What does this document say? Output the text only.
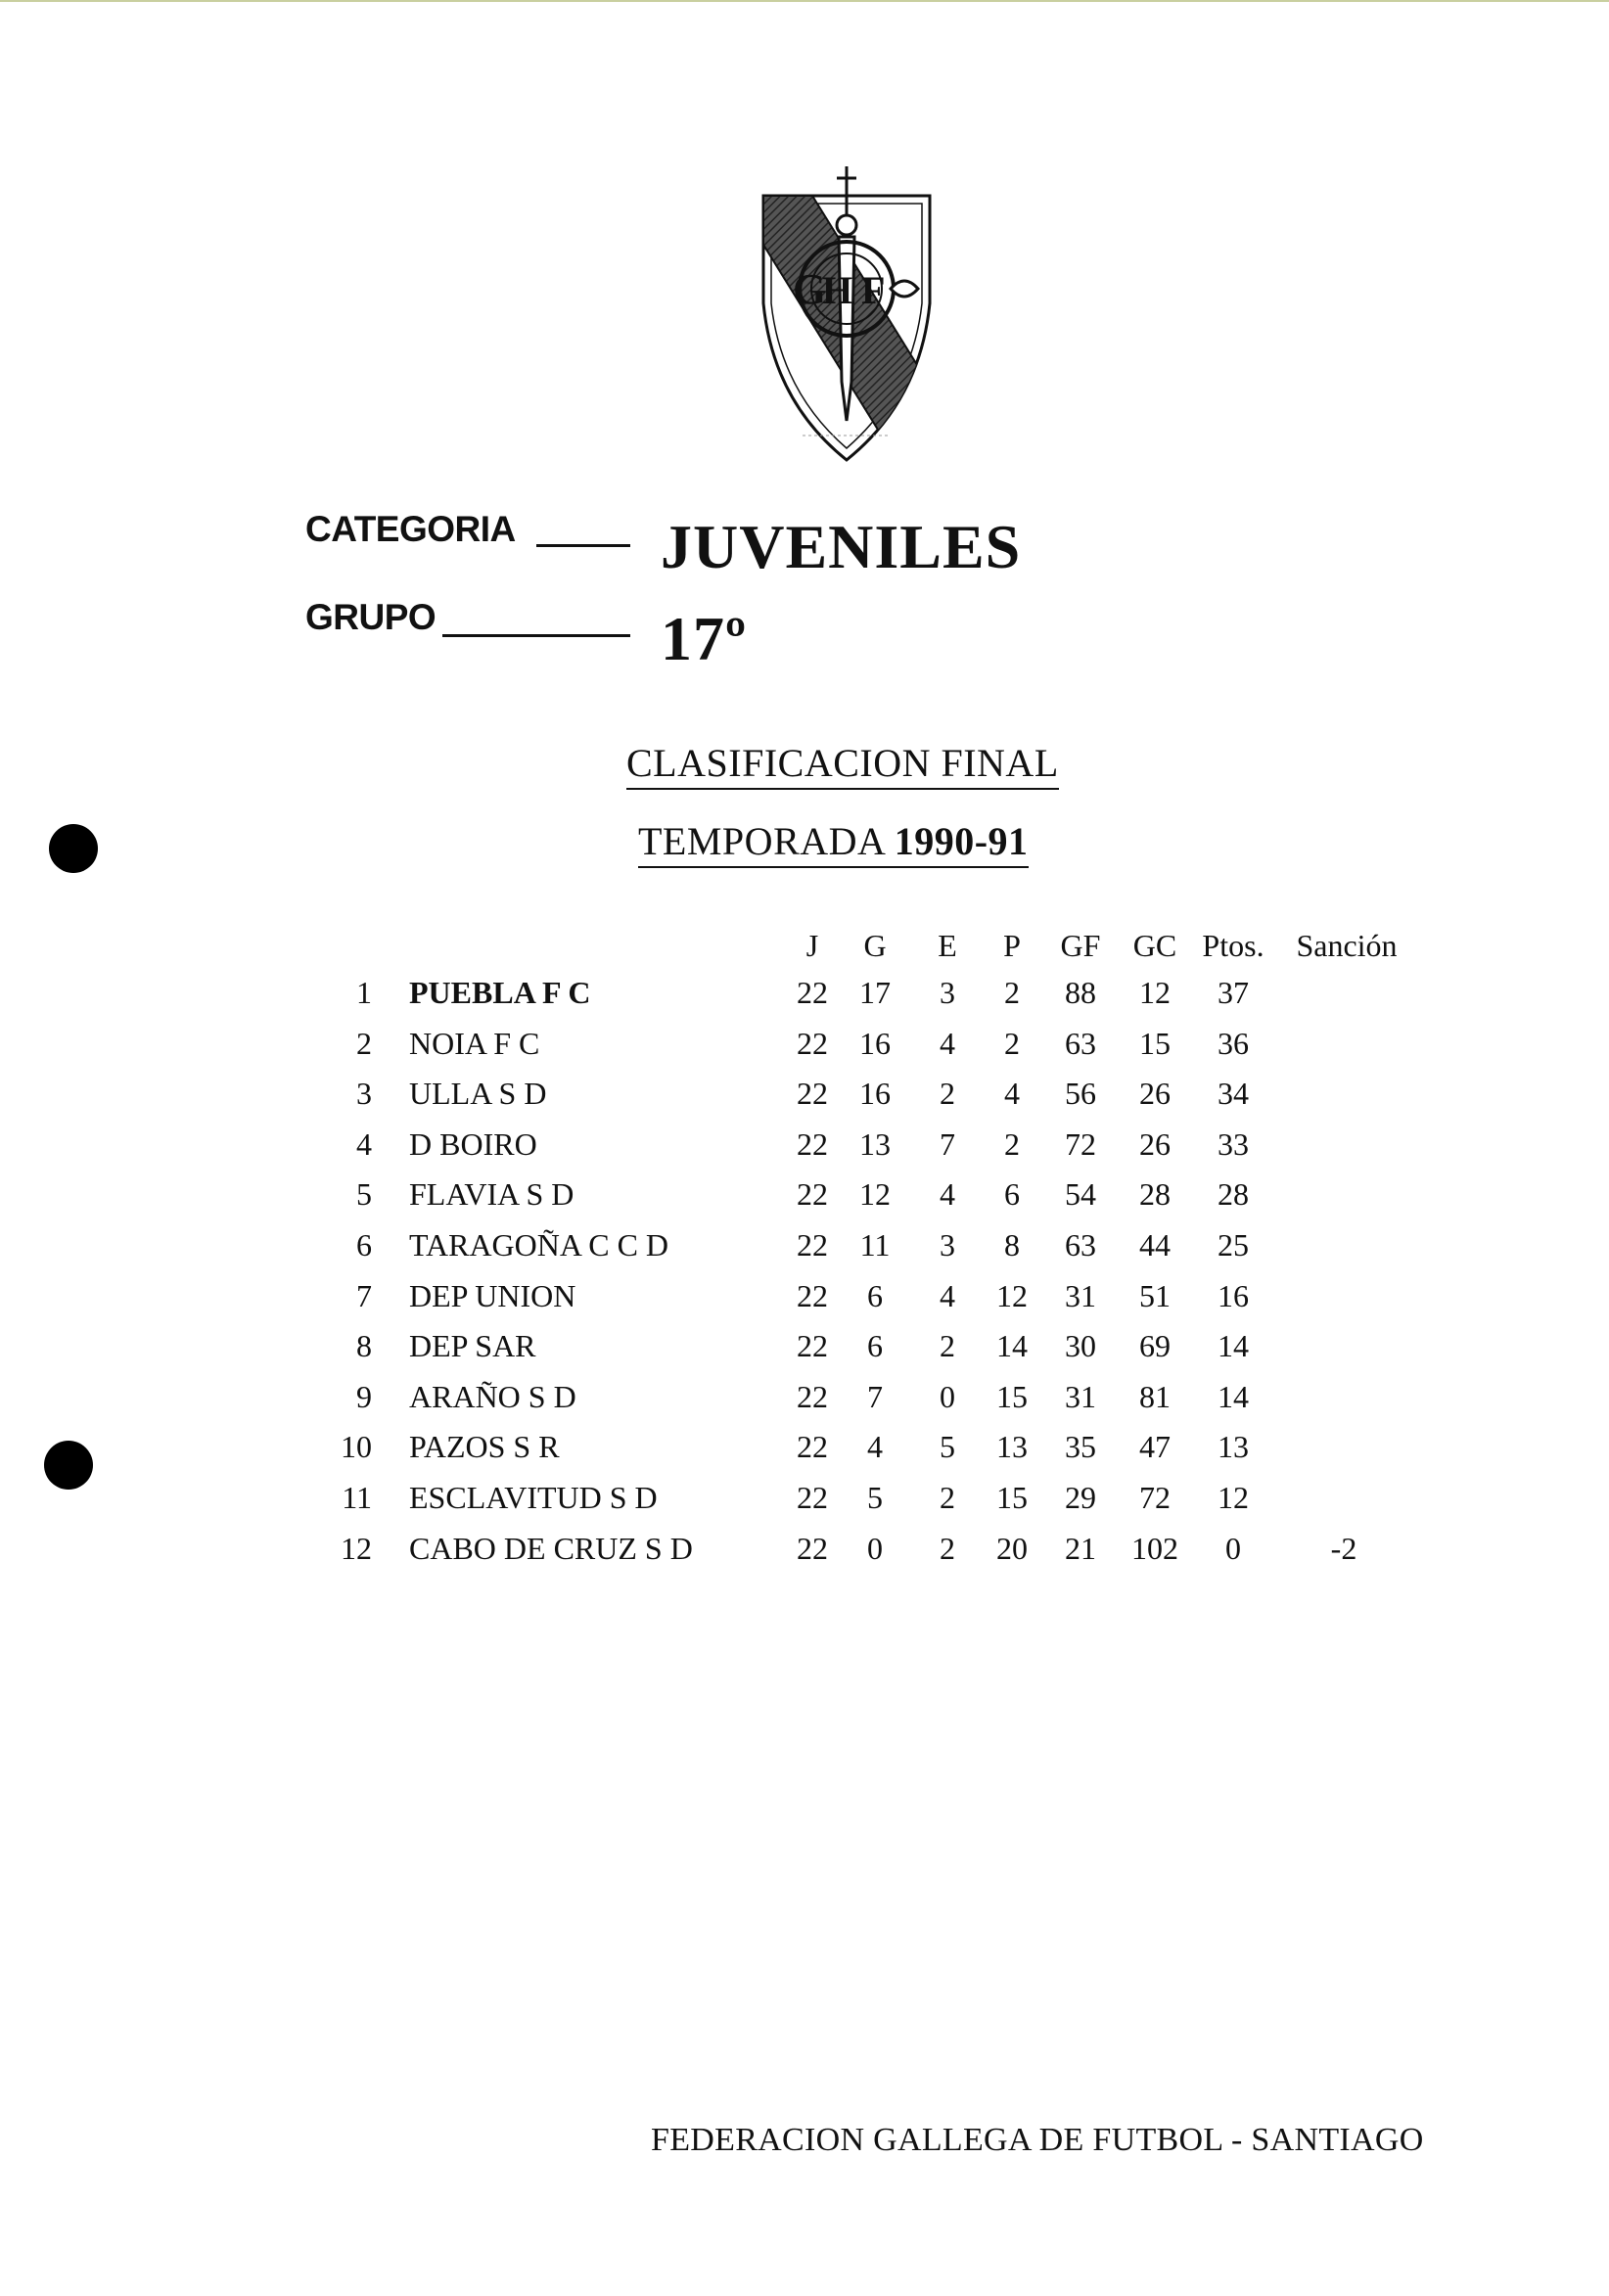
G
H F
CATEGORIA JUVENILES
GRUPO	17º
CLASIFICACION FINAL
TEMPORADA 1990-91
J	G	E	P	GF	GC Ptos.	Sanción
1 PUEBLA F C	22	17	3	2	88	12	37
2 NOIA F C	22	16	4	2	63	15	36
3 ULLA S D	22	16	2	4	56	26	34
4 D BOIRO	22	13	7	2	72	26	33
5 FLAVIA S D	22	12	4	6	54	28	28
6 TARAGOÑA C C D	22	11	3	8	63	44	25
7 DEP UNION	22	6	4	12	31	51	16
8 DEP SAR	22	6	2	14	30	69	14
9 ARAÑO S D	22	7	0	15	31	81	14
10 PAZOS S R	22	4	5	13	35	47	13
11 ESCLAVITUD S D	22	5	2	15	29	72	12
12 CABO DE CRUZ S D	22	0	2	20	21	102	0	-2
FEDERACION GALLEGA DE FUTBOL - SANTIAGO
